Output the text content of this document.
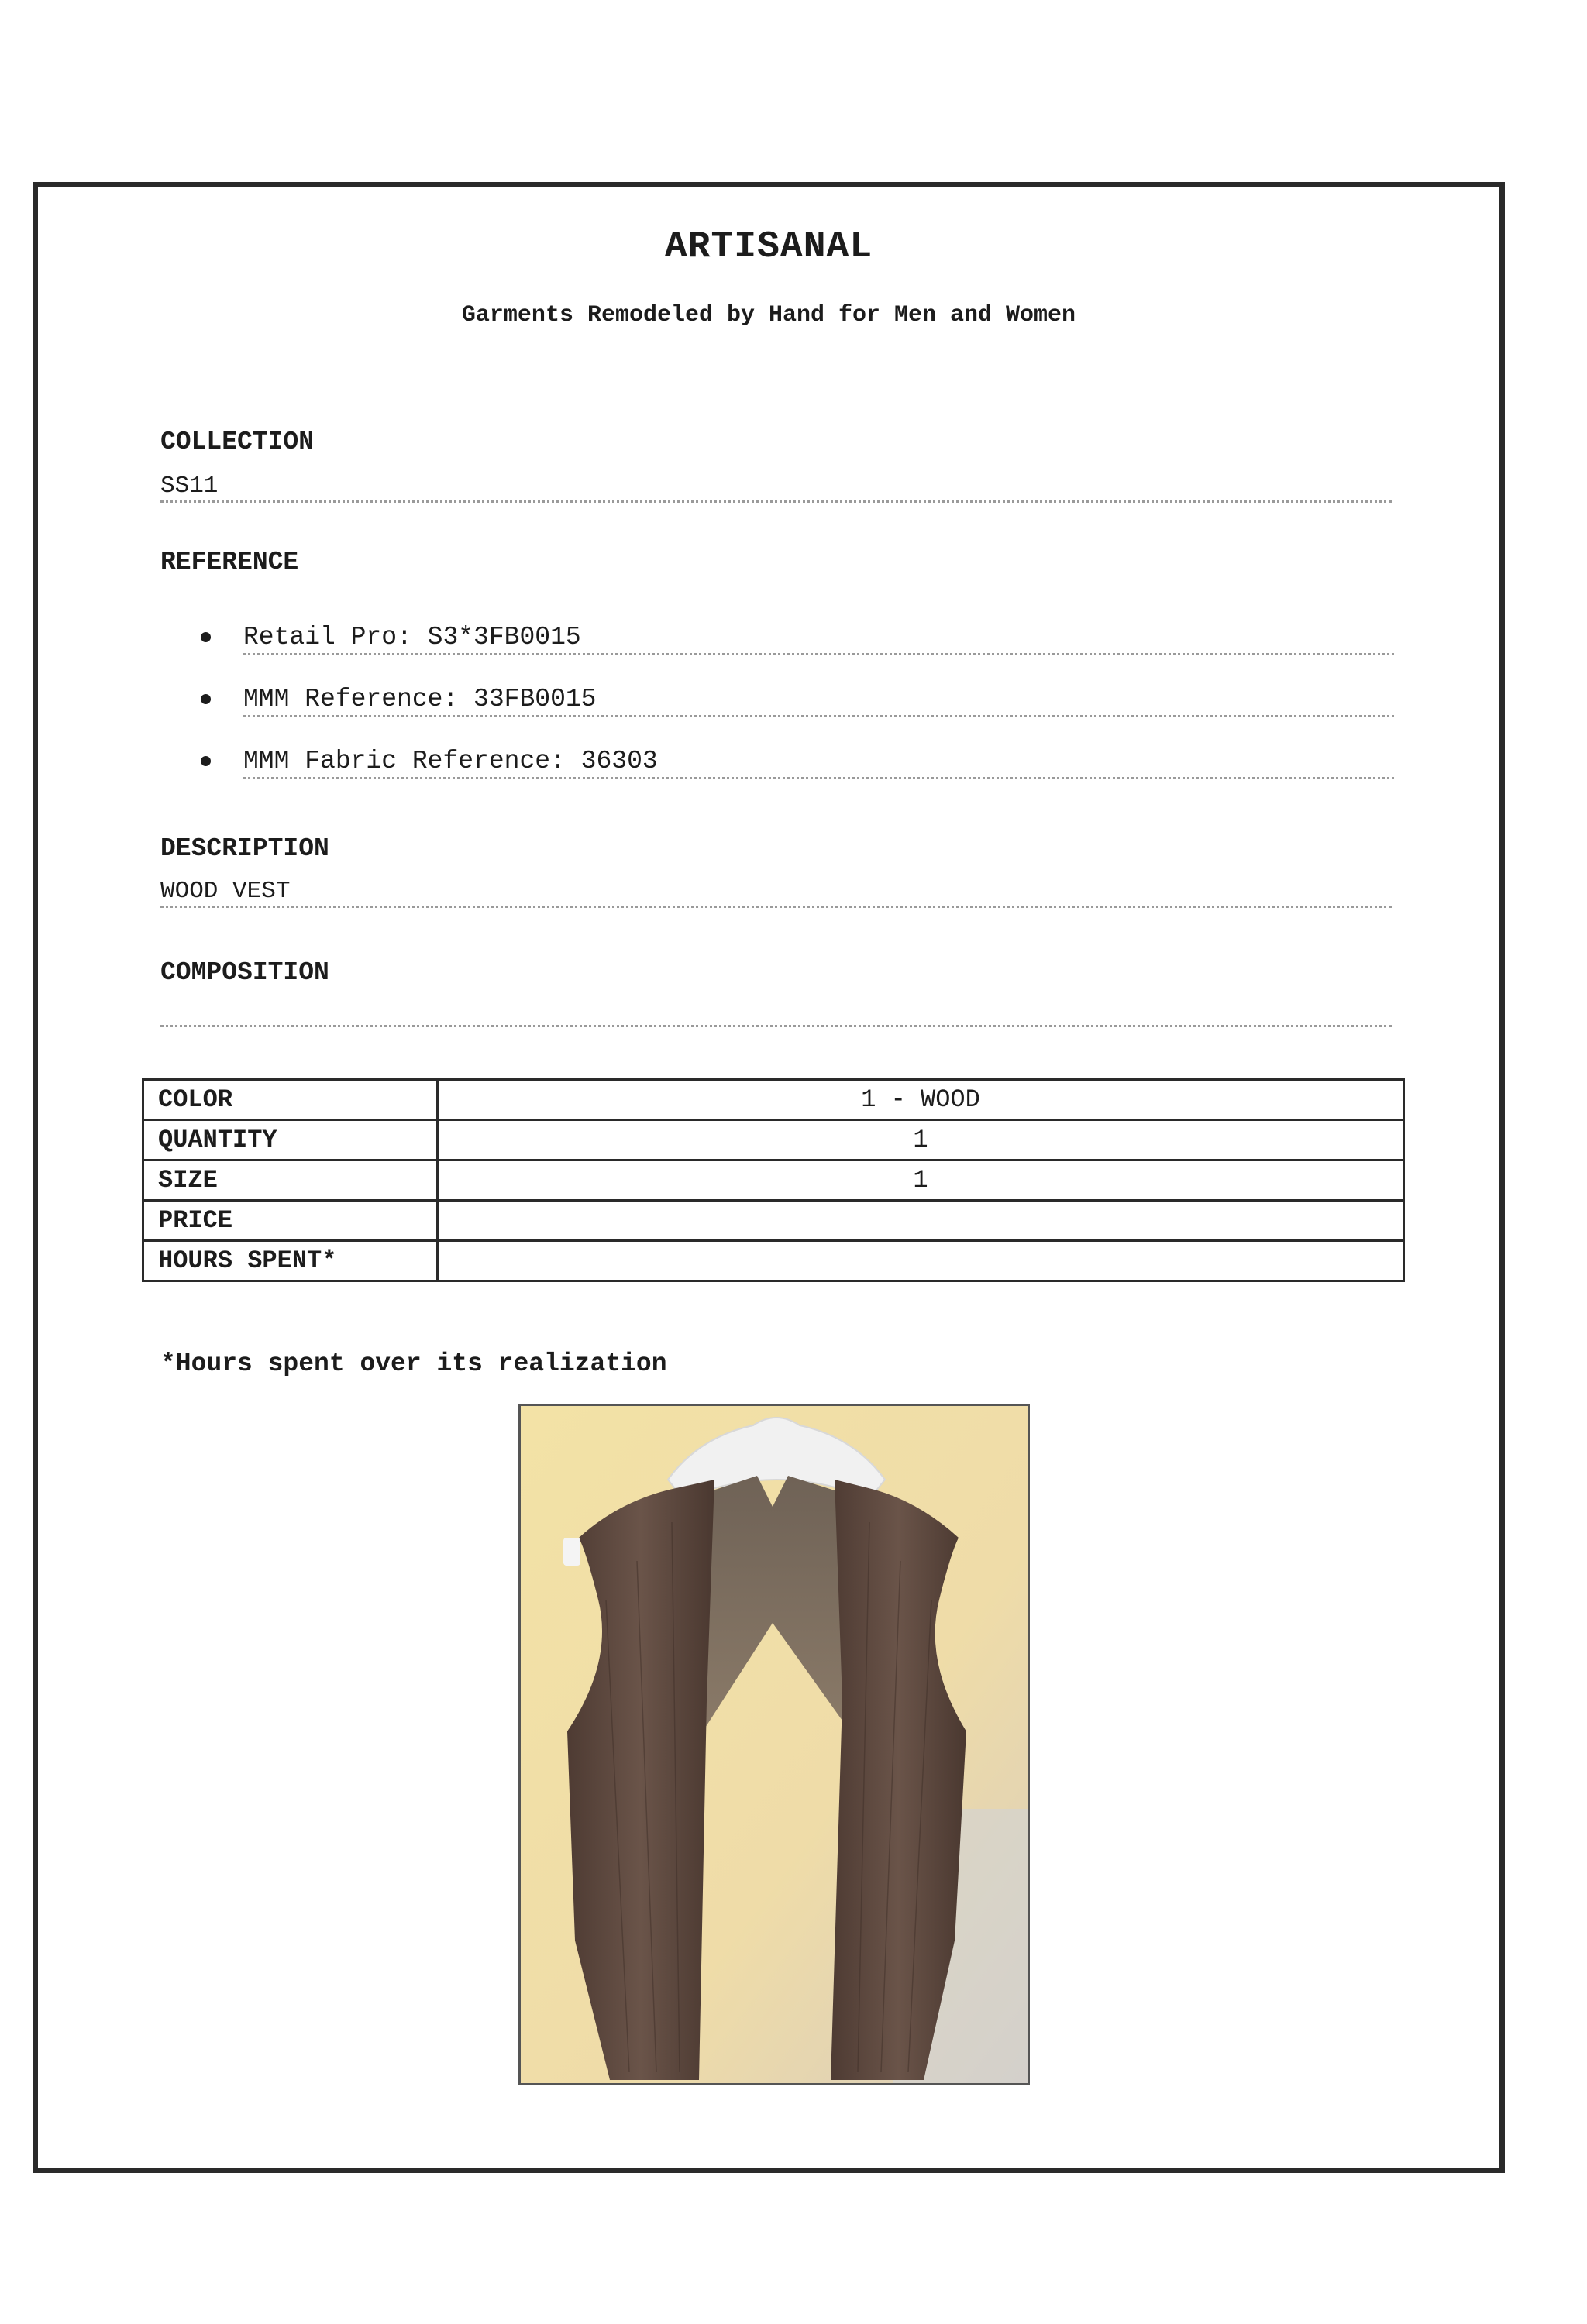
ARTISANAL
Garments Remodeled by Hand for Men and Women
COLLECTION
SS11
REFERENCE
Retail Pro: S3*3FB0015
MMM Reference: 33FB0015
MMM Fabric Reference: 36303
DESCRIPTION
WOOD VEST
COMPOSITION
COLOR	1 - WOOD
QUANTITY	1
SIZE	1
PRICE	
HOURS SPENT*	
*Hours spent over its realization
